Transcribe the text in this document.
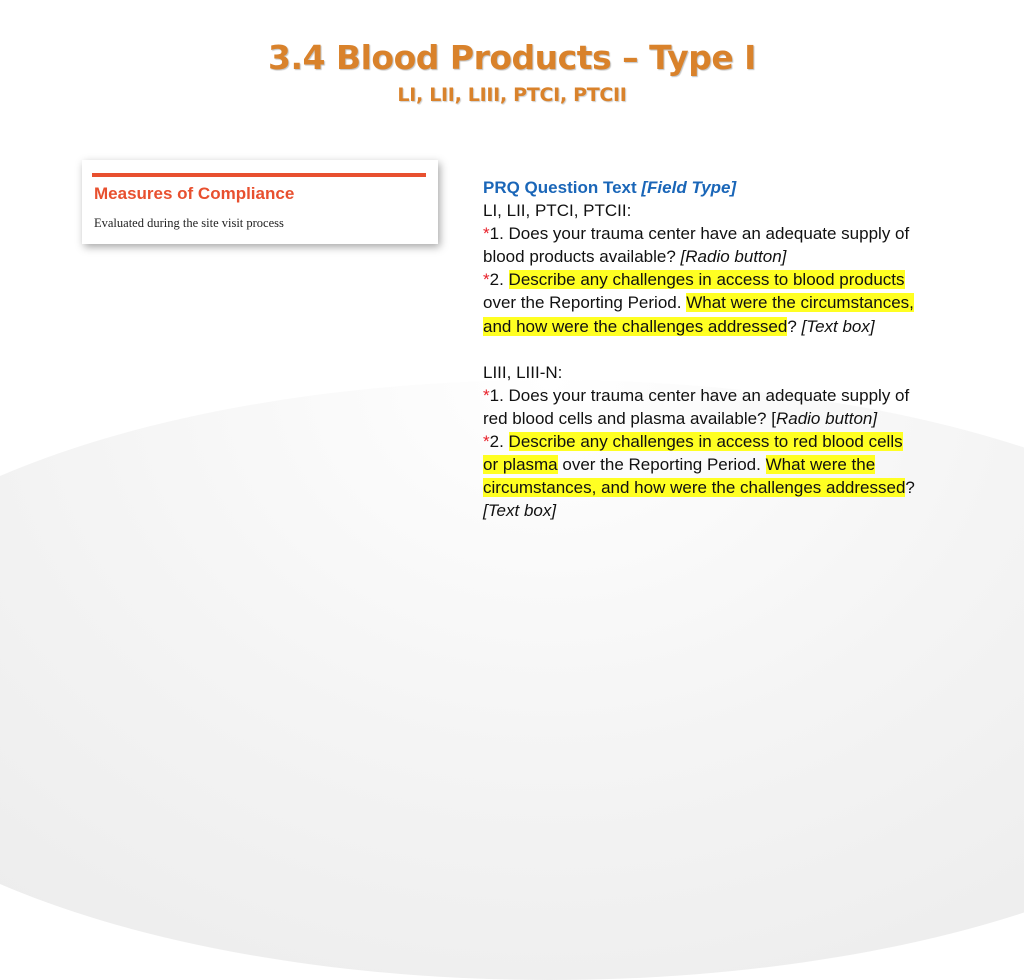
3.4 Blood Products – Type I
LI, LII, LIII, PTCI, PTCII
Measures of Compliance
Evaluated during the site visit process
PRQ Question Text [Field Type]
LI, LII, PTCI, PTCII:
*1. Does your trauma center have an adequate supply of
blood products available? [Radio button]
*2. Describe any challenges in access to blood products
over the Reporting Period. What were the circumstances,
and how were the challenges addressed? [Text box]
LIII, LIII-N:
*1. Does your trauma center have an adequate supply of
red blood cells and plasma available? [Radio button]
*2. Describe any challenges in access to red blood cells
or plasma over the Reporting Period. What were the
circumstances, and how were the challenges addressed?
[Text box]
